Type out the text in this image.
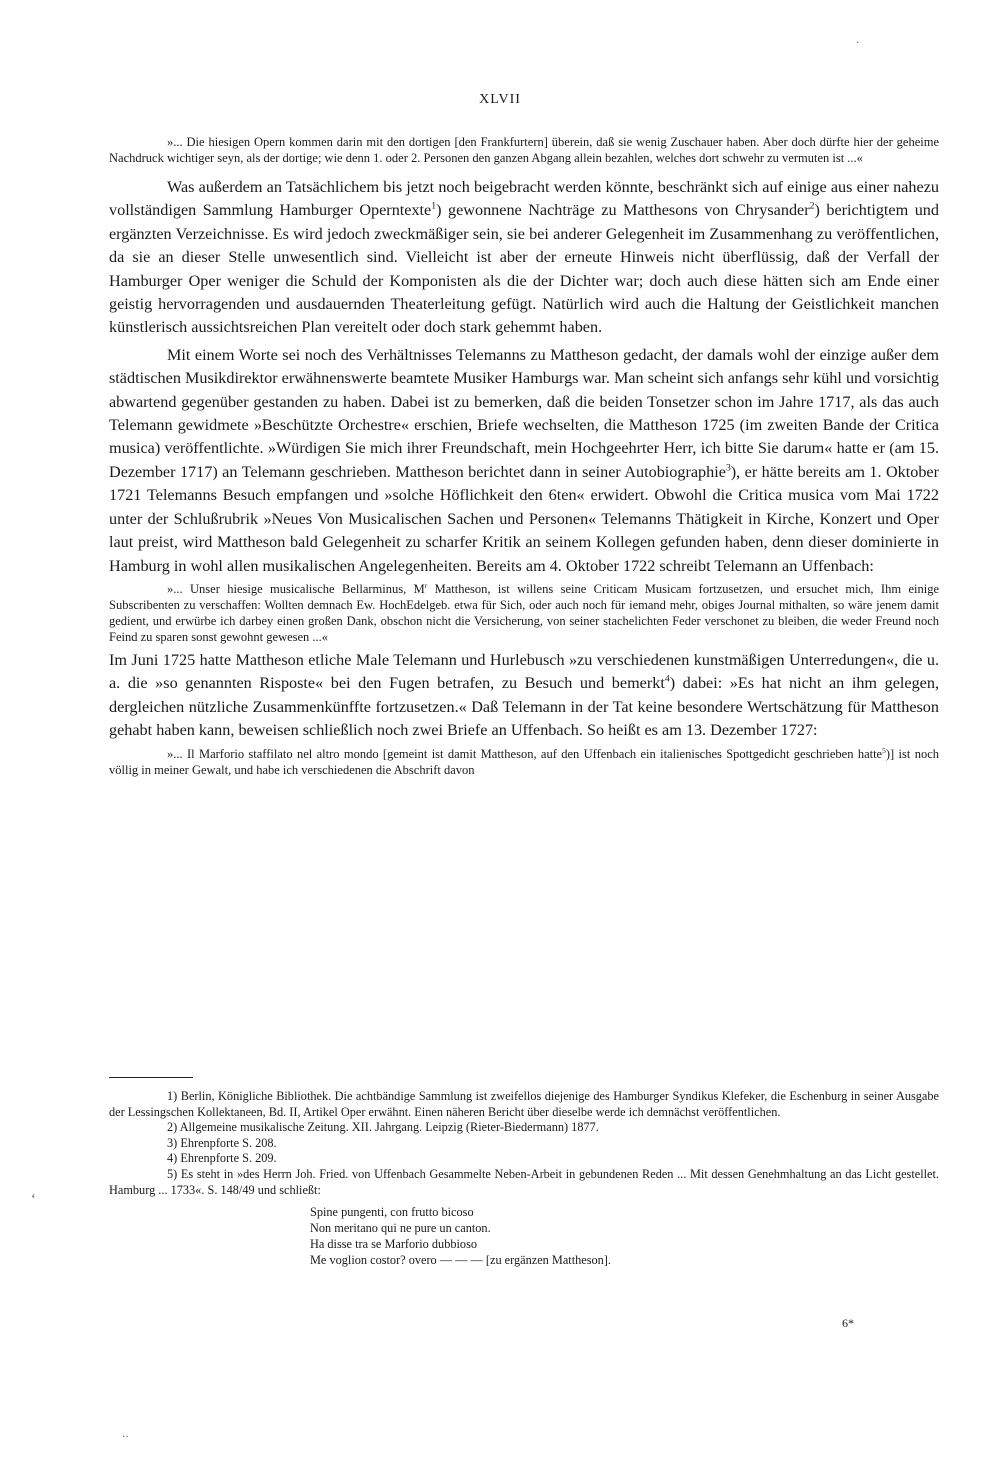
XLVII

»... Die hiesigen Opern kommen darin mit den dortigen [den Frankfurtern] überein, daß sie wenig Zuschauer haben. Aber doch dürfte hier der geheime Nachdruck wichtiger seyn, als der dortige; wie denn 1. oder 2. Personen den ganzen Abgang allein bezahlen, welches dort schwehr zu vermuten ist ...«

Was außerdem an Tatsächlichem bis jetzt noch beigebracht werden könnte, beschränkt sich auf einige aus einer nahezu vollständigen Sammlung Hamburger Operntexte$^1$) gewonnene Nachträge zu Matthesons von Chrysander$^2$) berichtigtem und ergänzten Verzeichnisse. Es wird jedoch zweckmäßiger sein, sie bei anderer Gelegenheit im Zusammenhang zu veröffentlichen, da sie an dieser Stelle unwesentlich sind. Vielleicht ist aber der erneute Hinweis nicht überflüssig, daß der Verfall der Hamburger Oper weniger die Schuld der Komponisten als die der Dichter war; doch auch diese hätten sich am Ende einer geistig hervorragenden und ausdauernden Theaterleitung gefügt. Natürlich wird auch die Haltung der Geistlichkeit manchen künstlerisch aussichtsreichen Plan vereitelt oder doch stark gehemmt haben.

Mit einem Worte sei noch des Verhältnisses Telemanns zu Mattheson gedacht, der damals wohl der einzige außer dem städtischen Musikdirektor erwähnenswerte beamtete Musiker Hamburgs war. Man scheint sich anfangs sehr kühl und vorsichtig abwartend gegenüber gestanden zu haben. Dabei ist zu bemerken, daß die beiden Tonsetzer schon im Jahre 1717, als das auch Telemann gewidmete »Beschützte Orchestre« erschien, Briefe wechselten, die Mattheson 1725 (im zweiten Bande der Critica musica) veröffentlichte. »Würdigen Sie mich ihrer Freundschaft, mein Hochgeehrter Herr, ich bitte Sie darum« hatte er (am 15. Dezember 1717) an Telemann geschrieben. Mattheson berichtet dann in seiner Autobiographie$^3$), er hätte bereits am 1. Oktober 1721 Telemanns Besuch empfangen und »solche Höflichkeit den 6ten« erwidert. Obwohl die Critica musica vom Mai 1722 unter der Schlußrubrik »Neues Von Musicalischen Sachen und Personen« Telemanns Thätigkeit in Kirche, Konzert und Oper laut preist, wird Mattheson bald Gelegenheit zu scharfer Kritik an seinem Kollegen gefunden haben, denn dieser dominierte in Hamburg in wohl allen musikalischen Angelegenheiten. Bereits am 4. Oktober 1722 schreibt Telemann an Uffenbach:

»... Unser hiesige musicalische Bellarminus, $M^r$ Mattheson, ist willens seine Criticam Musicam fortzusetzen, und ersuchet mich, Ihm einige Subscribenten zu verschaffen: Wollten demnach Ew. HochEdelgeb. etwa für Sich, oder auch noch für iemand mehr, obiges Journal mithalten, so wäre jenem damit gedient, und erwürbe ich darbey einen großen Dank, obschon nicht die Versicherung, von seiner stachelichten Feder verschonet zu bleiben, die weder Freund noch Feind zu sparen sonst gewohnt gewesen ...«

Im Juni 1725 hatte Mattheson etliche Male Telemann und Hurlebusch »zu verschiedenen kunstmäßigen Unterredungen«, die u. a. die »so genannten Risposte« bei den Fugen betrafen, zu Besuch und bemerkt$^4$) dabei: »Es hat nicht an ihm gelegen, dergleichen nützliche Zusammenkünffte fortzusetzen.« Daß Telemann in der Tat keine besondere Wertschätzung für Mattheson gehabt haben kann, beweisen schließlich noch zwei Briefe an Uffenbach. So heißt es am 13. Dezember 1727:

»... Il Marforio staffilato nel altro mondo [gemeint ist damit Mattheson, auf den Uffenbach ein italienisches Spottgedicht geschrieben hatte$^5$)] ist noch völlig in meiner Gewalt, und habe ich verschiedenen die Abschrift davon

1) Berlin, Königliche Bibliothek. Die achtbändige Sammlung ist zweifellos diejenige des Hamburger Syndikus Klefeker, die Eschenburg in seiner Ausgabe der Lessingschen Kollektaneen, Bd. II, Artikel Oper erwähnt. Einen näheren Bericht über dieselbe werde ich demnächst veröffentlichen.

2) Allgemeine musikalische Zeitung. XII. Jahrgang. Leipzig (Rieter-Biedermann) 1877.

3) Ehrenpforte S. 208.

4) Ehrenpforte S. 209.

5) Es steht in »des Herrn Joh. Fried. von Uffenbach Gesammelte Neben-Arbeit in gebundenen Reden ... Mit dessen Genehmhaltung an das Licht gestellet. Hamburg ... 1733«. S. 148/49 und schließt:

Spine pungenti, con frutto bicoso
Non meritano qui ne pure un canton.
Ha disse tra se Marforio dubbioso
Me voglion costor? overo — — — [zu ergänzen Mattheson].
6*
·
ʻ
··
